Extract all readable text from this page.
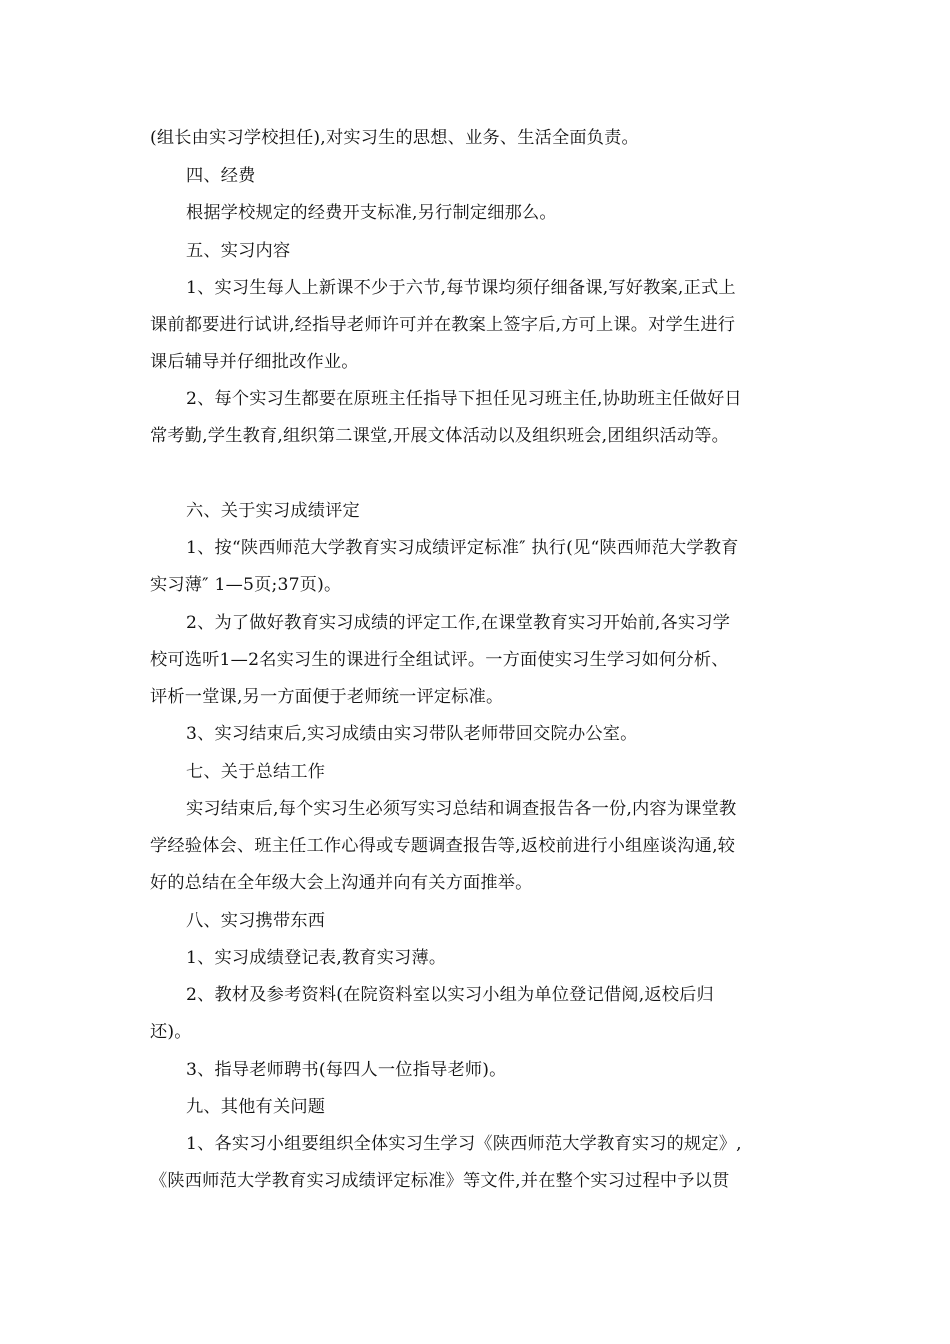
(组长由实习学校担任),对实习生的思想、业务、生活全面负责。
四、经费
根据学校规定的经费开支标准,另行制定细那么。
五、实习内容
1、实习生每人上新课不少于六节,每节课均须仔细备课,写好教案,正式上
课前都要进行试讲,经指导老师许可并在教案上签字后,方可上课。对学生进行
课后辅导并仔细批改作业。
2、每个实习生都要在原班主任指导下担任见习班主任,协助班主任做好日
常考勤,学生教育,组织第二课堂,开展文体活动以及组织班会,团组织活动等。
六、关于实习成绩评定
1、按“陕西师范大学教育实习成绩评定标准″ 执行(见“陕西师范大学教育
实习薄″ 1—5页;37页)。
2、为了做好教育实习成绩的评定工作,在课堂教育实习开始前,各实习学
校可选听1—2名实习生的课进行全组试评。一方面使实习生学习如何分析、
评析一堂课,另一方面便于老师统一评定标准。
3、实习结束后,实习成绩由实习带队老师带回交院办公室。
七、关于总结工作
实习结束后,每个实习生必须写实习总结和调查报告各一份,内容为课堂教
学经验体会、班主任工作心得或专题调查报告等,返校前进行小组座谈沟通,较
好的总结在全年级大会上沟通并向有关方面推举。
八、实习携带东西
1、实习成绩登记表,教育实习薄。
2、教材及参考资料(在院资料室以实习小组为单位登记借阅,返校后归
还)。
3、指导老师聘书(每四人一位指导老师)。
九、其他有关问题
1、各实习小组要组织全体实习生学习《陕西师范大学教育实习的规定》,
《陕西师范大学教育实习成绩评定标准》等文件,并在整个实习过程中予以贯
